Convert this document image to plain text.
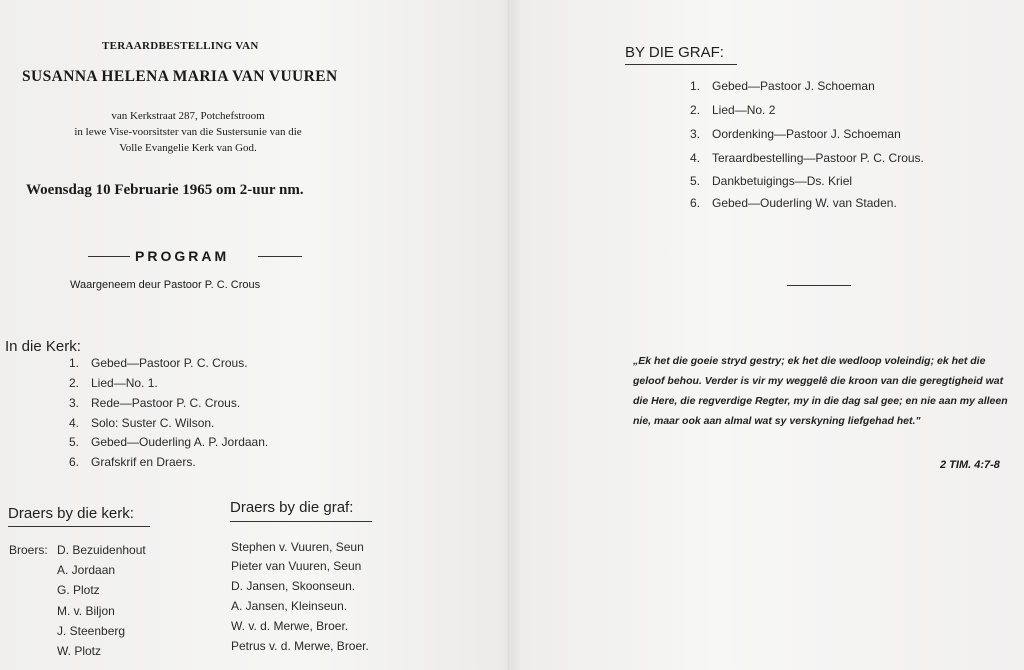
TERAARDBESTELLING VAN
SUSANNA HELENA MARIA VAN VUUREN
van Kerkstraat 287, Potchefstroom
in lewe Vise-voorsitster van die Sustersunie van die
Volle Evangelie Kerk van God.
Woensdag 10 Februarie 1965 om 2-uur nm.
PROGRAM
Waargeneem deur Pastoor P. C. Crous
In die Kerk:
1. Gebed—Pastoor P. C. Crous.
2. Lied—No. 1.
3. Rede—Pastoor P. C. Crous.
4. Solo: Suster C. Wilson.
5. Gebed—Ouderling A. P. Jordaan.
6. Grafskrif en Draers.
Draers by die kerk:
Broers: D. Bezuidenhout
A. Jordaan
G. Plotz
M. v. Biljon
J. Steenberg
W. Plotz
Draers by die graf:
Stephen v. Vuuren, Seun
Pieter van Vuuren, Seun
D. Jansen, Skoonseun.
A. Jansen, Kleinseun.
W. v. d. Merwe, Broer.
Petrus v. d. Merwe, Broer.
BY DIE GRAF:
1. Gebed—Pastoor J. Schoeman
2. Lied—No. 2
3. Oordenking—Pastoor J. Schoeman
4. Teraardbestelling—Pastoor P. C. Crous.
5. Dankbetuigings—Ds. Kriel
6. Gebed—Ouderling W. van Staden.
„Ek het die goeie stryd gestry; ek het die wedloop voleindig; ek het die geloof behou. Verder is vir my weggelê die kroon van die geregtigheid wat die Here, die regverdige Regter, my in die dag sal gee; en nie aan my alleen nie, maar ook aan almal wat sy verskyning liefgehad het."
2 TIM. 4:7-8
